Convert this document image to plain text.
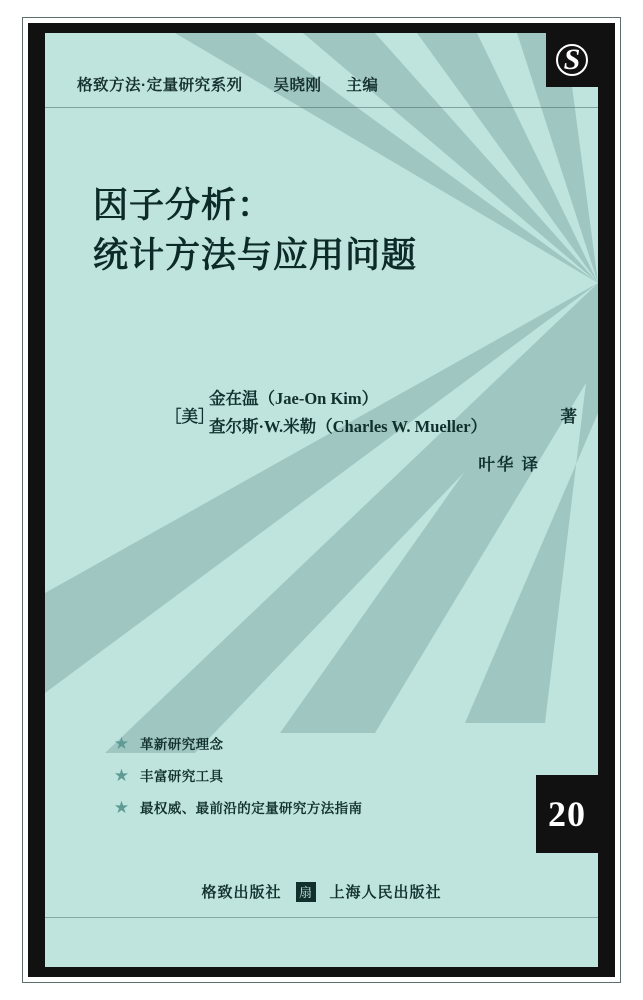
S
格致方法·定量研究系列 吴晓刚 主编
因子分析：
统计方法与应用问题
［美］
金在温（Jae-On Kim）
查尔斯·W.米勒（Charles W. Mueller）
著
叶华 译
★ 革新研究理念
★ 丰富研究工具
★ 最权威、最前沿的定量研究方法指南	20
格致出版社 扇 上海人民出版社
